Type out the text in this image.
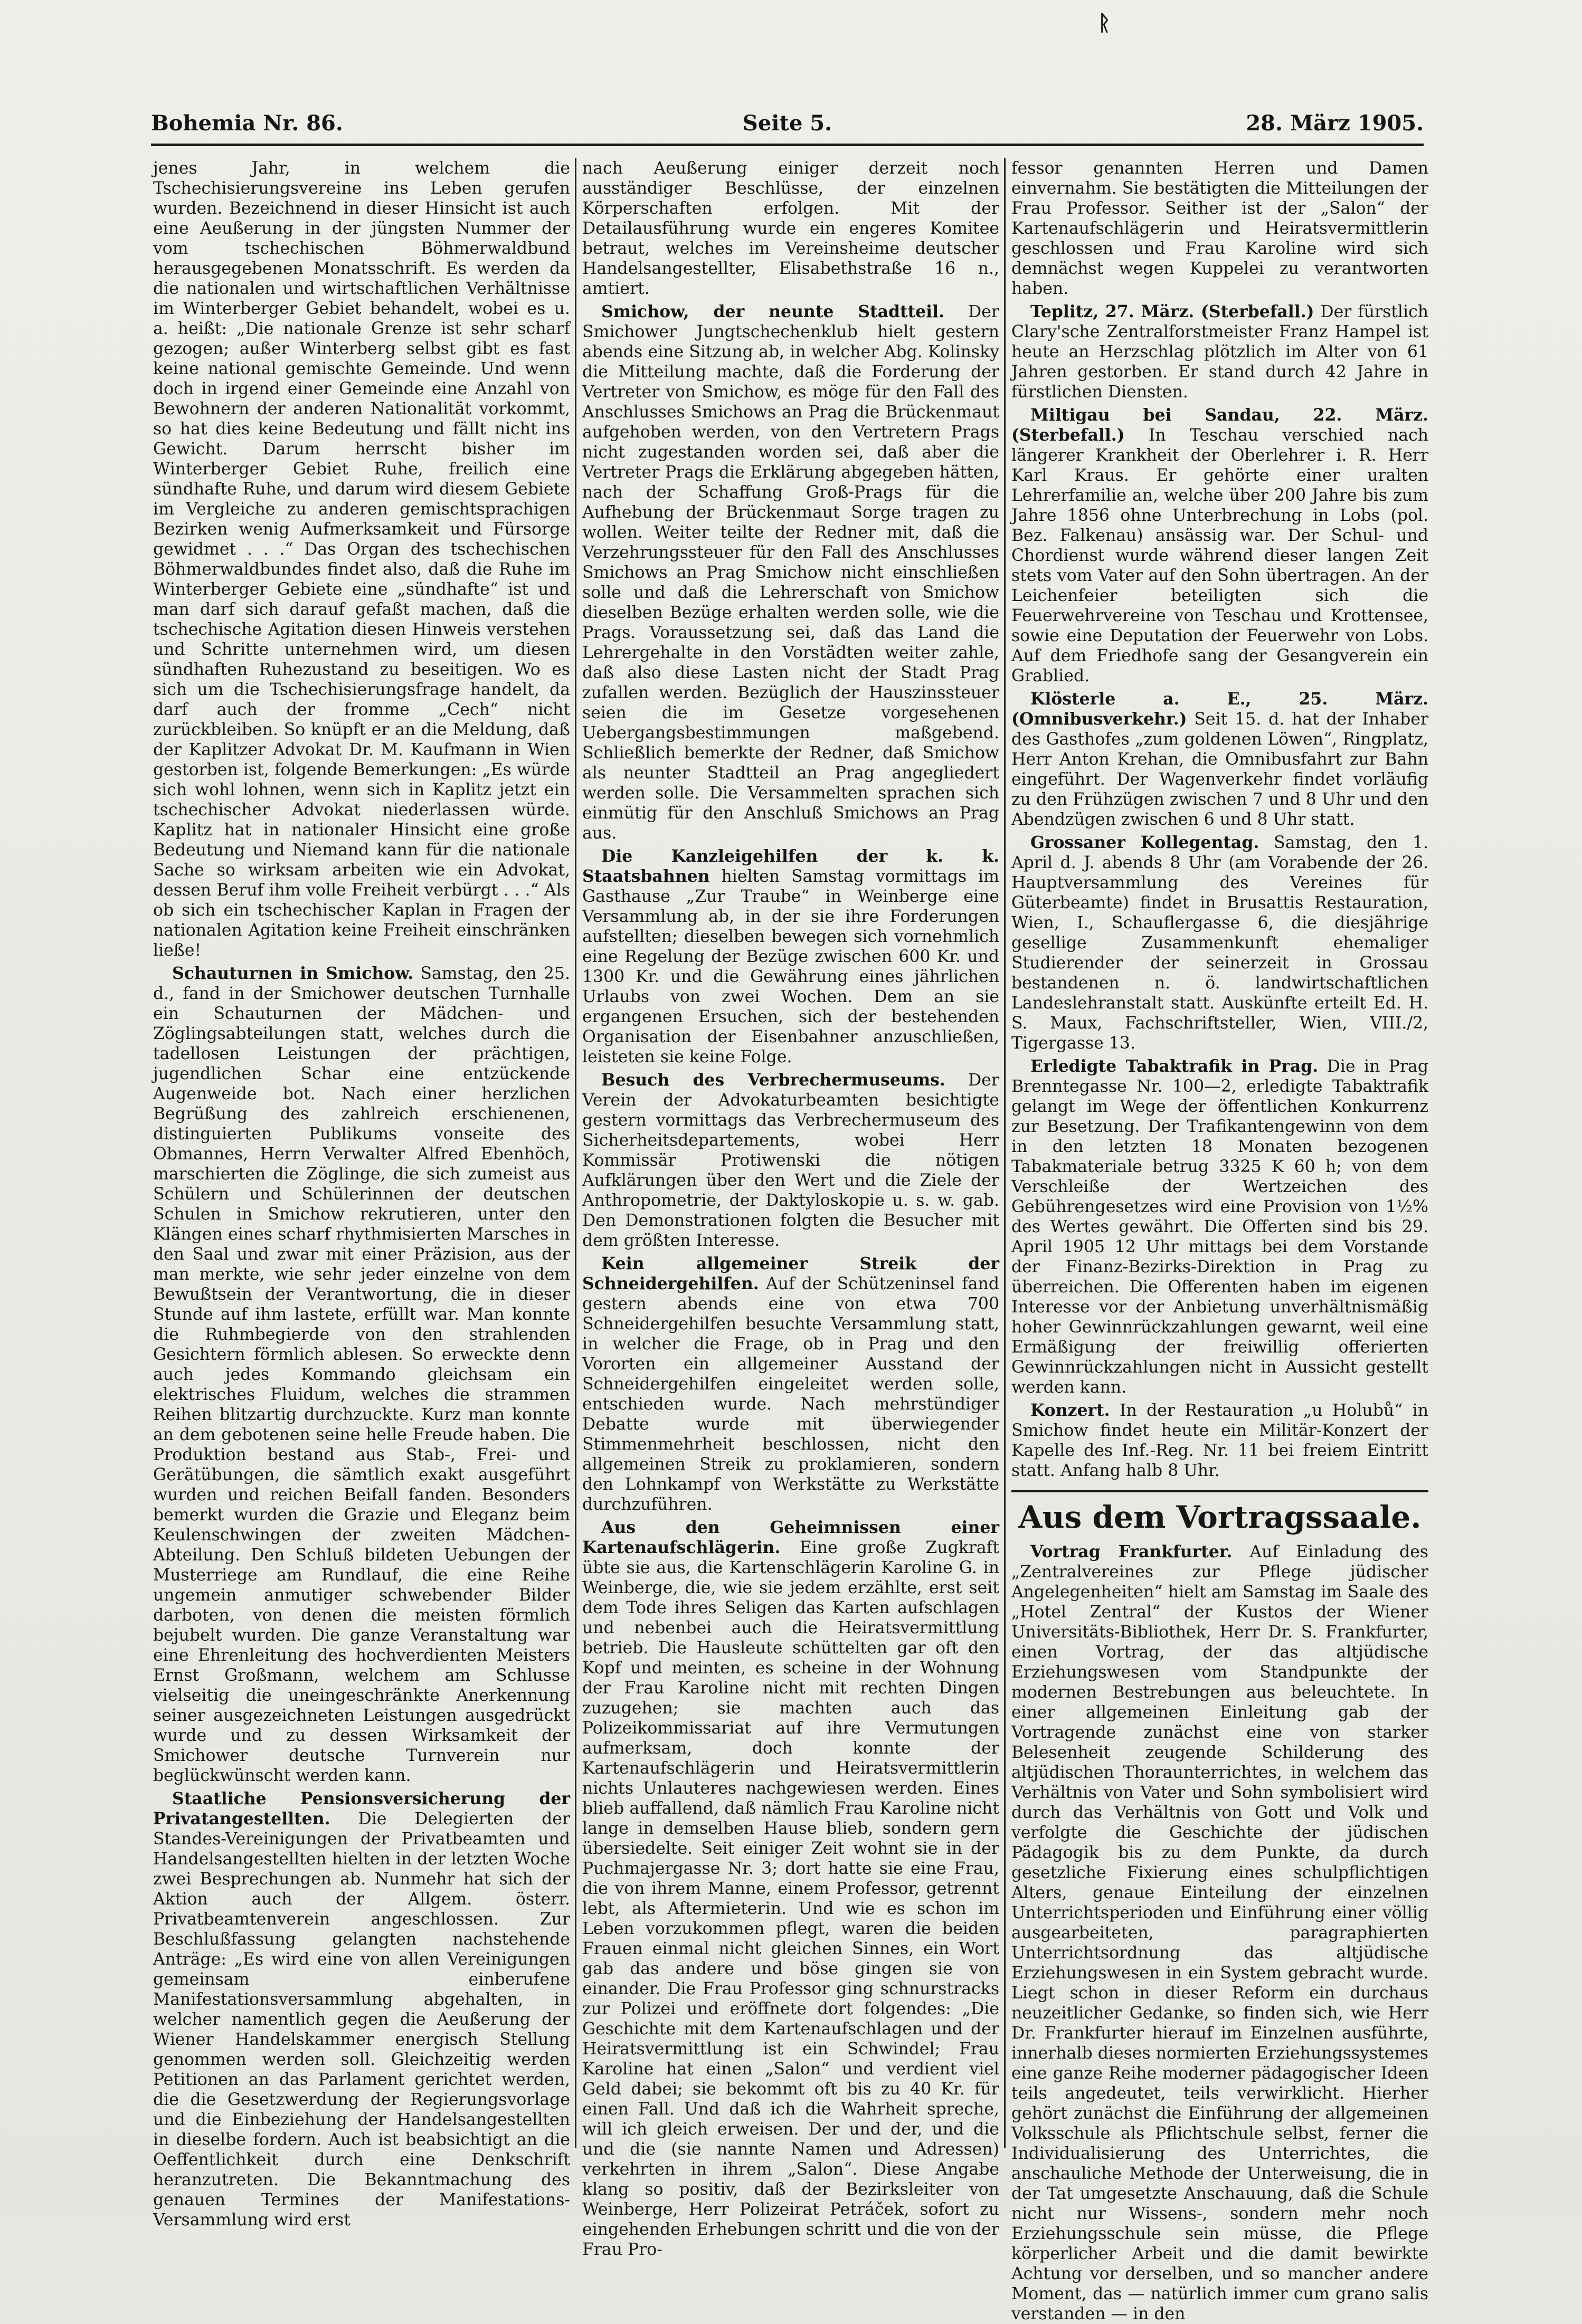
ᚱ
Bohemia Nr. 86.	Seite 5.	28. März 1905.

jenes Jahr, in welchem die Tschechisierungsvereine ins Leben gerufen wurden. Bezeichnend in dieser Hinsicht ist auch eine Aeußerung in der jüngsten Nummer der vom tschechischen Böhmerwaldbund herausgegebenen Monatsschrift. Es werden da die nationalen und wirtschaftlichen Verhältnisse im Winterberger Gebiet behandelt, wobei es u. a. heißt: „Die nationale Grenze ist sehr scharf gezogen; außer Winterberg selbst gibt es fast keine national gemischte Gemeinde. Und wenn doch in irgend einer Gemeinde eine Anzahl von Bewohnern der anderen Nationalität vorkommt, so hat dies keine Bedeutung und fällt nicht ins Gewicht. Darum herrscht bisher im Winterberger Gebiet Ruhe, freilich eine sündhafte Ruhe, und darum wird diesem Gebiete im Vergleiche zu anderen gemischtsprachigen Bezirken wenig Aufmerksamkeit und Fürsorge gewidmet . . .“ Das Organ des tschechischen Böhmerwaldbundes findet also, daß die Ruhe im Winterberger Gebiete eine „sündhafte“ ist und man darf sich darauf gefaßt machen, daß die tschechische Agitation diesen Hinweis verstehen und Schritte unternehmen wird, um diesen sündhaften Ruhezustand zu beseitigen. Wo es sich um die Tschechisierungsfrage handelt, da darf auch der fromme „Cech“ nicht zurückbleiben. So knüpft er an die Meldung, daß der Kaplitzer Advokat Dr. M. Kaufmann in Wien gestorben ist, folgende Bemerkungen: „Es würde sich wohl lohnen, wenn sich in Kaplitz jetzt ein tschechischer Advokat niederlassen würde. Kaplitz hat in nationaler Hinsicht eine große Bedeutung und Niemand kann für die nationale Sache so wirksam arbeiten wie ein Advokat, dessen Beruf ihm volle Freiheit verbürgt . . .“ Als ob sich ein tschechischer Kaplan in Fragen der nationalen Agitation keine Freiheit einschränken ließe!

Schauturnen in Smichow. Samstag, den 25. d., fand in der Smichower deutschen Turnhalle ein Schauturnen der Mädchen- und Zöglingsabteilungen statt, welches durch die tadellosen Leistungen der prächtigen, jugendlichen Schar eine entzückende Augenweide bot. Nach einer herzlichen Begrüßung des zahlreich erschienenen, distinguierten Publikums vonseite des Obmannes, Herrn Verwalter Alfred Ebenhöch, marschierten die Zöglinge, die sich zumeist aus Schülern und Schülerinnen der deutschen Schulen in Smichow rekrutieren, unter den Klängen eines scharf rhythmisierten Marsches in den Saal und zwar mit einer Präzision, aus der man merkte, wie sehr jeder einzelne von dem Bewußtsein der Verantwortung, die in dieser Stunde auf ihm lastete, erfüllt war. Man konnte die Ruhmbegierde von den strahlenden Gesichtern förmlich ablesen. So erweckte denn auch jedes Kommando gleichsam ein elektrisches Fluidum, welches die strammen Reihen blitzartig durchzuckte. Kurz man konnte an dem gebotenen seine helle Freude haben. Die Produktion bestand aus Stab-, Frei- und Gerätübungen, die sämtlich exakt ausgeführt wurden und reichen Beifall fanden. Besonders bemerkt wurden die Grazie und Eleganz beim Keulenschwingen der zweiten Mädchen-Abteilung. Den Schluß bildeten Uebungen der Musterriege am Rundlauf, die eine Reihe ungemein anmutiger schwebender Bilder darboten, von denen die meisten förmlich bejubelt wurden. Die ganze Veranstaltung war eine Ehrenleitung des hochverdienten Meisters Ernst Großmann, welchem am Schlusse vielseitig die uneingeschränkte Anerkennung seiner ausgezeichneten Leistungen ausgedrückt wurde und zu dessen Wirksamkeit der Smichower deutsche Turnverein nur beglückwünscht werden kann.

Staatliche Pensionsversicherung der Privatangestellten. Die Delegierten der Standes-Vereinigungen der Privatbeamten und Handelsangestellten hielten in der letzten Woche zwei Besprechungen ab. Nunmehr hat sich der Aktion auch der Allgem. österr. Privatbeamtenverein angeschlossen. Zur Beschlußfassung gelangten nachstehende Anträge: „Es wird eine von allen Vereinigungen gemeinsam einberufene Manifestationsversammlung abgehalten, in welcher namentlich gegen die Aeußerung der Wiener Handelskammer energisch Stellung genommen werden soll. Gleichzeitig werden Petitionen an das Parlament gerichtet werden, die die Gesetzwerdung der Regierungsvorlage und die Einbeziehung der Handelsangestellten in dieselbe fordern. Auch ist beabsichtigt an die Oeffentlichkeit durch eine Denkschrift heranzutreten. Die Bekanntmachung des genauen Termines der Manifestations-Versammlung wird erst

nach Aeußerung einiger derzeit noch ausständiger Beschlüsse, der einzelnen Körperschaften erfolgen. Mit der Detailausführung wurde ein engeres Komitee betraut, welches im Vereinsheime deutscher Handelsangestellter, Elisabethstraße 16 n., amtiert.

Smichow, der neunte Stadtteil. Der Smichower Jungtschechenklub hielt gestern abends eine Sitzung ab, in welcher Abg. Kolinsky die Mitteilung machte, daß die Forderung der Vertreter von Smichow, es möge für den Fall des Anschlusses Smichows an Prag die Brückenmaut aufgehoben werden, von den Vertretern Prags nicht zugestanden worden sei, daß aber die Vertreter Prags die Erklärung abgegeben hätten, nach der Schaffung Groß-Prags für die Aufhebung der Brückenmaut Sorge tragen zu wollen. Weiter teilte der Redner mit, daß die Verzehrungssteuer für den Fall des Anschlusses Smichows an Prag Smichow nicht einschließen solle und daß die Lehrerschaft von Smichow dieselben Bezüge erhalten werden solle, wie die Prags. Voraussetzung sei, daß das Land die Lehrergehalte in den Vorstädten weiter zahle, daß also diese Lasten nicht der Stadt Prag zufallen werden. Bezüglich der Hauszinssteuer seien die im Gesetze vorgesehenen Uebergangsbestimmungen maßgebend. Schließlich bemerkte der Redner, daß Smichow als neunter Stadtteil an Prag angegliedert werden solle. Die Versammelten sprachen sich einmütig für den Anschluß Smichows an Prag aus.

Die Kanzleigehilfen der k. k. Staatsbahnen hielten Samstag vormittags im Gasthause „Zur Traube“ in Weinberge eine Versammlung ab, in der sie ihre Forderungen aufstellten; dieselben bewegen sich vornehmlich eine Regelung der Bezüge zwischen 600 Kr. und 1300 Kr. und die Gewährung eines jährlichen Urlaubs von zwei Wochen. Dem an sie ergangenen Ersuchen, sich der bestehenden Organisation der Eisenbahner anzuschließen, leisteten sie keine Folge.

Besuch des Verbrechermuseums. Der Verein der Advokaturbeamten besichtigte gestern vormittags das Verbrechermuseum des Sicherheitsdepartements, wobei Herr Kommissär Protiwenski die nötigen Aufklärungen über den Wert und die Ziele der Anthropometrie, der Daktyloskopie u. s. w. gab. Den Demonstrationen folgten die Besucher mit dem größten Interesse.

Kein allgemeiner Streik der Schneidergehilfen. Auf der Schützeninsel fand gestern abends eine von etwa 700 Schneidergehilfen besuchte Versammlung statt, in welcher die Frage, ob in Prag und den Vororten ein allgemeiner Ausstand der Schneidergehilfen eingeleitet werden solle, entschieden wurde. Nach mehrstündiger Debatte wurde mit überwiegender Stimmenmehrheit beschlossen, nicht den allgemeinen Streik zu proklamieren, sondern den Lohnkampf von Werkstätte zu Werkstätte durchzuführen.

Aus den Geheimnissen einer Kartenaufschlägerin. Eine große Zugkraft übte sie aus, die Kartenschlägerin Karoline G. in Weinberge, die, wie sie jedem erzählte, erst seit dem Tode ihres Seligen das Karten aufschlagen und nebenbei auch die Heiratsvermittlung betrieb. Die Hausleute schüttelten gar oft den Kopf und meinten, es scheine in der Wohnung der Frau Karoline nicht mit rechten Dingen zuzugehen; sie machten auch das Polizeikommissariat auf ihre Vermutungen aufmerksam, doch konnte der Kartenaufschlägerin und Heiratsvermittlerin nichts Unlauteres nachgewiesen werden. Eines blieb auffallend, daß nämlich Frau Karoline nicht lange in demselben Hause blieb, sondern gern übersiedelte. Seit einiger Zeit wohnt sie in der Puchmajergasse Nr. 3; dort hatte sie eine Frau, die von ihrem Manne, einem Professor, getrennt lebt, als Aftermieterin. Und wie es schon im Leben vorzukommen pflegt, waren die beiden Frauen einmal nicht gleichen Sinnes, ein Wort gab das andere und böse gingen sie von einander. Die Frau Professor ging schnurstracks zur Polizei und eröffnete dort folgendes: „Die Geschichte mit dem Kartenaufschlagen und der Heiratsvermittlung ist ein Schwindel; Frau Karoline hat einen „Salon“ und verdient viel Geld dabei; sie bekommt oft bis zu 40 Kr. für einen Fall. Und daß ich die Wahrheit spreche, will ich gleich erweisen. Der und der, und die und die (sie nannte Namen und Adressen) verkehrten in ihrem „Salon“. Diese Angabe klang so positiv, daß der Bezirksleiter von Weinberge, Herr Polizeirat Petráček, sofort zu eingehenden Erhebungen schritt und die von der Frau Pro-

fessor genannten Herren und Damen einvernahm. Sie bestätigten die Mitteilungen der Frau Professor. Seither ist der „Salon“ der Kartenaufschlägerin und Heiratsvermittlerin geschlossen und Frau Karoline wird sich demnächst wegen Kuppelei zu verantworten haben.

Teplitz, 27. März. (Sterbefall.) Der fürstlich Clary'sche Zentralforstmeister Franz Hampel ist heute an Herzschlag plötzlich im Alter von 61 Jahren gestorben. Er stand durch 42 Jahre in fürstlichen Diensten.

Miltigau bei Sandau, 22. März. (Sterbefall.) In Teschau verschied nach längerer Krankheit der Oberlehrer i. R. Herr Karl Kraus. Er gehörte einer uralten Lehrerfamilie an, welche über 200 Jahre bis zum Jahre 1856 ohne Unterbrechung in Lobs (pol. Bez. Falkenau) ansässig war. Der Schul- und Chordienst wurde während dieser langen Zeit stets vom Vater auf den Sohn übertragen. An der Leichenfeier beteiligten sich die Feuerwehrvereine von Teschau und Krottensee, sowie eine Deputation der Feuerwehr von Lobs. Auf dem Friedhofe sang der Gesangverein ein Grablied.

Klösterle a. E., 25. März. (Omnibusverkehr.) Seit 15. d. hat der Inhaber des Gasthofes „zum goldenen Löwen“, Ringplatz, Herr Anton Krehan, die Omnibusfahrt zur Bahn eingeführt. Der Wagenverkehr findet vorläufig zu den Frühzügen zwischen 7 und 8 Uhr und den Abendzügen zwischen 6 und 8 Uhr statt.

Grossaner Kollegentag. Samstag, den 1. April d. J. abends 8 Uhr (am Vorabende der 26. Hauptversammlung des Vereines für Güterbeamte) findet in Brusattis Restauration, Wien, I., Schauflergasse 6, die diesjährige gesellige Zusammenkunft ehemaliger Studierender der seinerzeit in Grossau bestandenen n. ö. landwirtschaftlichen Landeslehranstalt statt. Auskünfte erteilt Ed. H. S. Maux, Fachschriftsteller, Wien, VIII./2, Tigergasse 13.

Erledigte Tabaktrafik in Prag. Die in Prag Brenntegasse Nr. 100—2, erledigte Tabaktrafik gelangt im Wege der öffentlichen Konkurrenz zur Besetzung. Der Trafikantengewinn von dem in den letzten 18 Monaten bezogenen Tabakmateriale betrug 3325 K 60 h; von dem Verschleiße der Wertzeichen des Gebührengesetzes wird eine Provision von 1½% des Wertes gewährt. Die Offerten sind bis 29. April 1905 12 Uhr mittags bei dem Vorstande der Finanz-Bezirks-Direktion in Prag zu überreichen. Die Offerenten haben im eigenen Interesse vor der Anbietung unverhältnismäßig hoher Gewinnrückzahlungen gewarnt, weil eine Ermäßigung der freiwillig offerierten Gewinnrückzahlungen nicht in Aussicht gestellt werden kann.

Konzert. In der Restauration „u Holubů“ in Smichow findet heute ein Militär-Konzert der Kapelle des Inf.-Reg. Nr. 11 bei freiem Eintritt statt. Anfang halb 8 Uhr.

Aus dem Vortragssaale.

Vortrag Frankfurter. Auf Einladung des „Zentralvereines zur Pflege jüdischer Angelegenheiten“ hielt am Samstag im Saale des „Hotel Zentral“ der Kustos der Wiener Universitäts-Bibliothek, Herr Dr. S. Frankfurter, einen Vortrag, der das altjüdische Erziehungswesen vom Standpunkte der modernen Bestrebungen aus beleuchtete. In einer allgemeinen Einleitung gab der Vortragende zunächst eine von starker Belesenheit zeugende Schilderung des altjüdischen Thoraunterrichtes, in welchem das Verhältnis von Vater und Sohn symbolisiert wird durch das Verhältnis von Gott und Volk und verfolgte die Geschichte der jüdischen Pädagogik bis zu dem Punkte, da durch gesetzliche Fixierung eines schulpflichtigen Alters, genaue Einteilung der einzelnen Unterrichtsperioden und Einführung einer völlig ausgearbeiteten, paragraphierten Unterrichtsordnung das altjüdische Erziehungswesen in ein System gebracht wurde. Liegt schon in dieser Reform ein durchaus neuzeitlicher Gedanke, so finden sich, wie Herr Dr. Frankfurter hierauf im Einzelnen ausführte, innerhalb dieses normierten Erziehungssystemes eine ganze Reihe moderner pädagogischer Ideen teils angedeutet, teils verwirklicht. Hierher gehört zunächst die Einführung der allgemeinen Volksschule als Pflichtschule selbst, ferner die Individualisierung des Unterrichtes, die anschauliche Methode der Unterweisung, die in der Tat umgesetzte Anschauung, daß die Schule nicht nur Wissens-, sondern mehr noch Erziehungsschule sein müsse, die Pflege körperlicher Arbeit und die damit bewirkte Achtung vor derselben, und so mancher andere Moment, das — natürlich immer cum grano salis verstanden — in den
